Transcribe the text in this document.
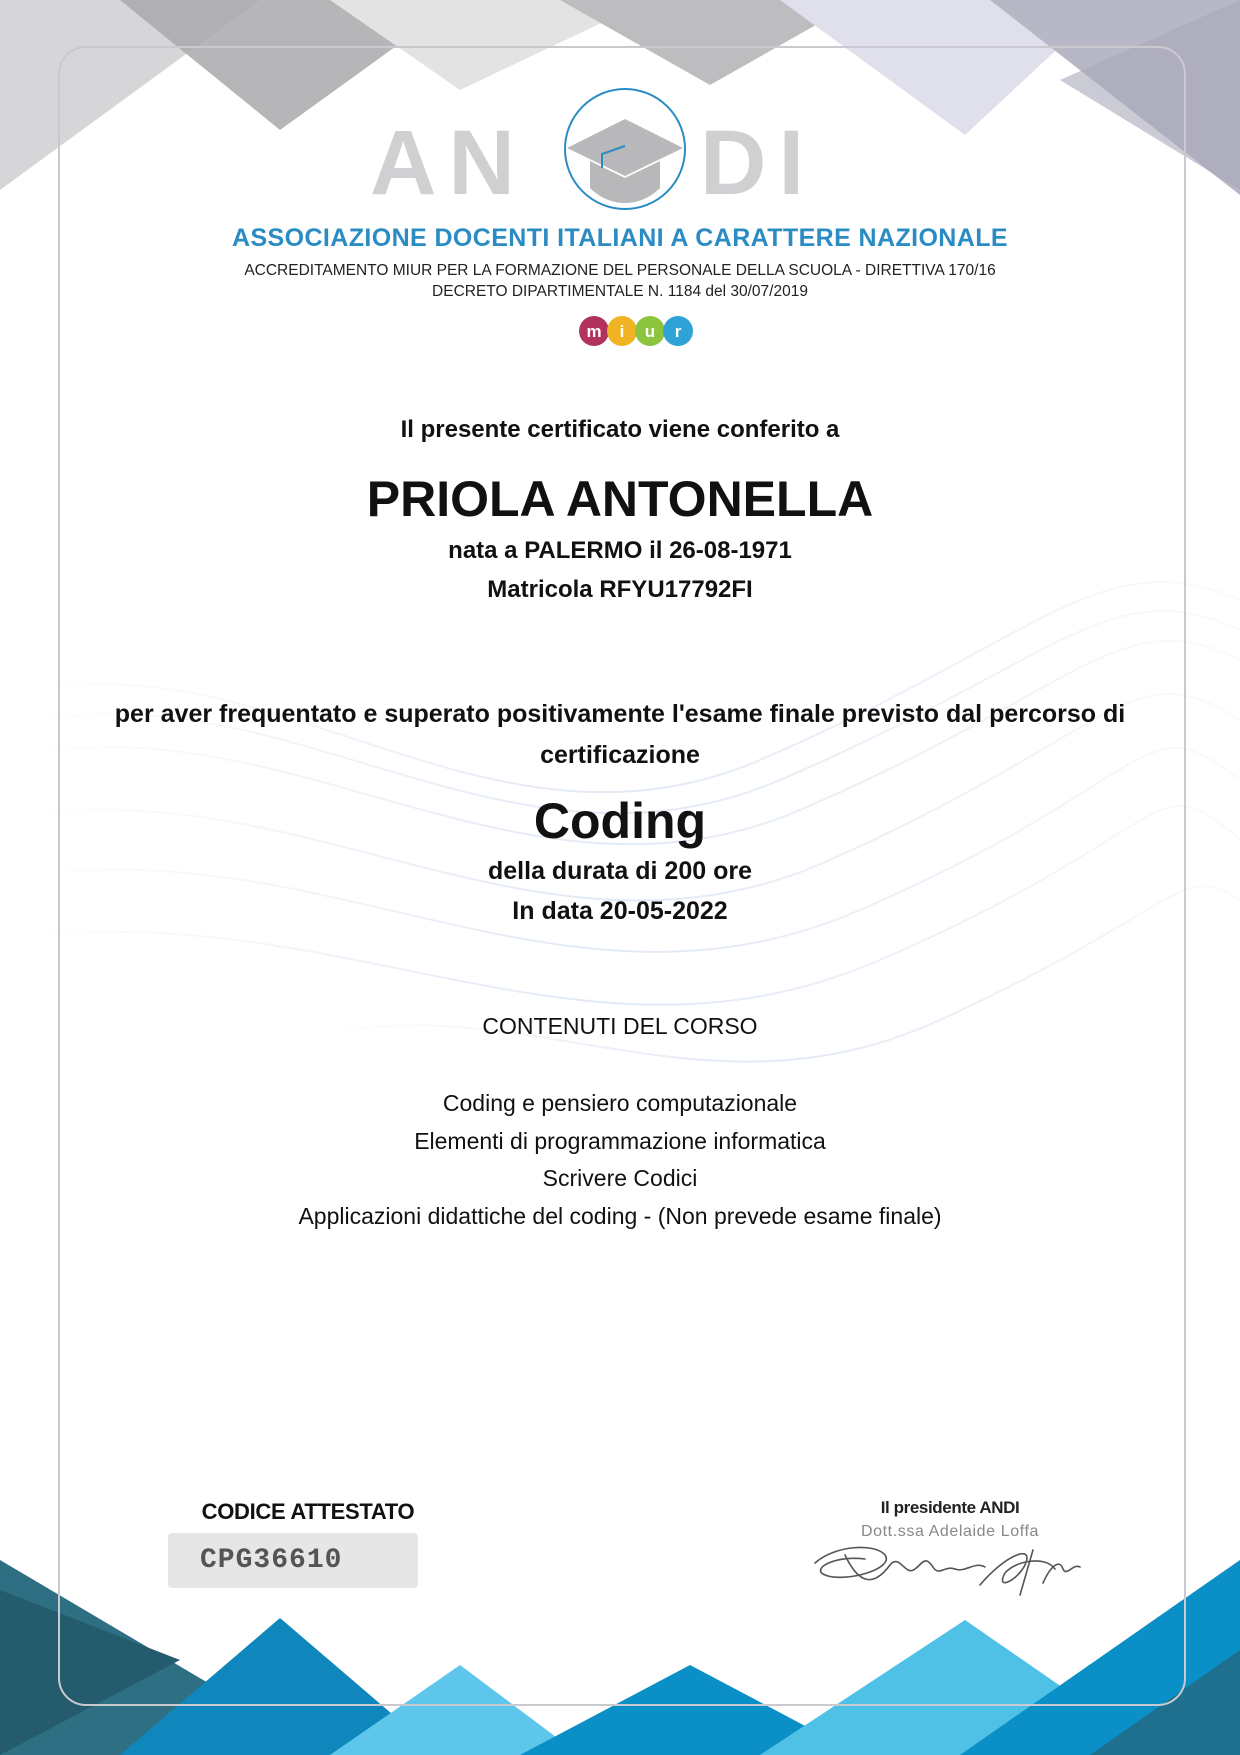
AN DI
ASSOCIAZIONE DOCENTI ITALIANI A CARATTERE NAZIONALE
ACCREDITAMENTO MIUR PER LA FORMAZIONE DEL PERSONALE DELLA SCUOLA - DIRETTIVA 170/16
DECRETO DIPARTIMENTALE N. 1184 del 30/07/2019
m i u r
Il presente certificato viene conferito a
PRIOLA ANTONELLA
nata a PALERMO il 26-08-1971
Matricola RFYU17792FI
per aver frequentato e superato positivamente l'esame finale previsto dal percorso di certificazione
Coding
della durata di 200 ore
In data 20-05-2022
CONTENUTI DEL CORSO
Coding e pensiero computazionale
Elementi di programmazione informatica
Scrivere Codici
Applicazioni didattiche del coding - (Non prevede esame finale)
CODICE ATTESTATO
CPG36610
Il presidente ANDI
Dott.ssa Adelaide Loffa
